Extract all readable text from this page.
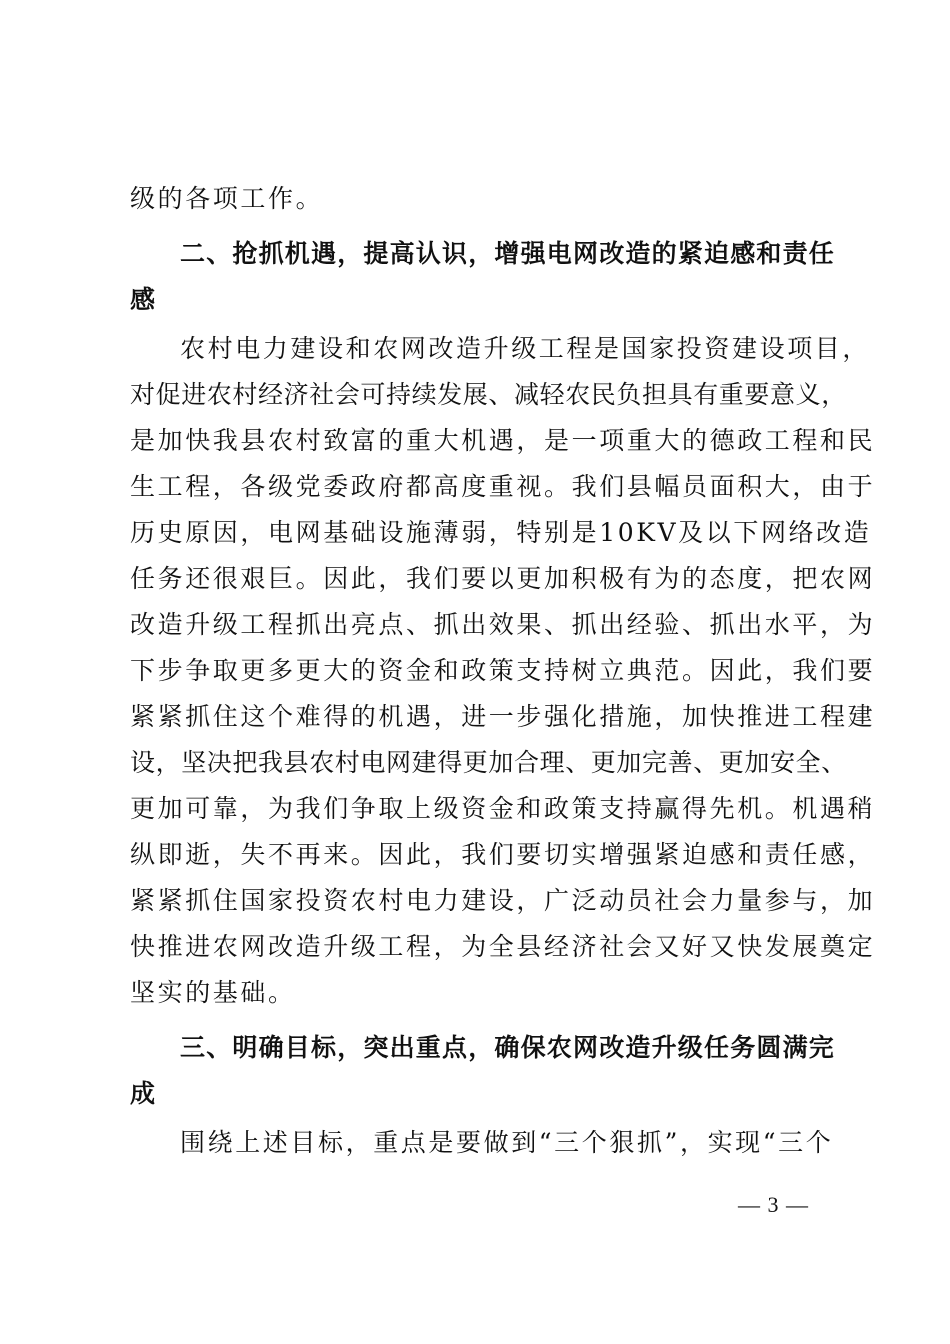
级的各项工作。
二、抢抓机遇，提高认识，增强电网改造的紧迫感和责任
感
农村电力建设和农网改造升级工程是国家投资建设项目，
对促进农村经济社会可持续发展、减轻农民负担具有重要意义，
是加快我县农村致富的重大机遇，是一项重大的德政工程和民
生工程，各级党委政府都高度重视。我们县幅员面积大，由于
历史原因，电网基础设施薄弱，特别是10KV及以下网络改造
任务还很艰巨。因此，我们要以更加积极有为的态度，把农网
改造升级工程抓出亮点、抓出效果、抓出经验、抓出水平，为
下步争取更多更大的资金和政策支持树立典范。因此，我们要
紧紧抓住这个难得的机遇，进一步强化措施，加快推进工程建
设，坚决把我县农村电网建得更加合理、更加完善、更加安全、
更加可靠，为我们争取上级资金和政策支持赢得先机。机遇稍
纵即逝，失不再来。因此，我们要切实增强紧迫感和责任感，
紧紧抓住国家投资农村电力建设，广泛动员社会力量参与，加
快推进农网改造升级工程，为全县经济社会又好又快发展奠定
坚实的基础。
三、明确目标，突出重点，确保农网改造升级任务圆满完
成
围绕上述目标，重点是要做到“三个狠抓”，实现“三个
— 3 —
